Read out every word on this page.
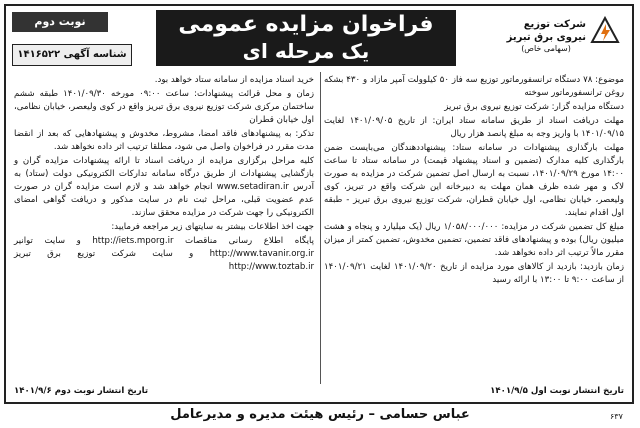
شرکت توزیع نیروی برق تبریز
(سهامی خاص)
فراخوان مزایده عمومی
یک مرحله ای
نوبت دوم
شناسه آگهی ۱۴۱۶۵۲۲

موضوع: ۷۸ دستگاه ترانسفورماتور توزیع سه فاز ۵۰ کیلوولت آمپر مازاد و ۴۳۰ بشکه روغن ترانسفورماتور سوخته

دستگاه مزایده گزار: شرکت توزیع نیروی برق تبریز

مهلت دریافت اسناد از طریق سامانه ستاد ایران: از تاریخ ۱۴۰۱/۰۹/۰۵ لغایت ۱۴۰۱/۰۹/۱۵ با واریز وجه به مبلغ پانصد هزار ریال

مهلت بارگذاری پیشنهادات در سامانه ستاد: پیشنهاددهندگان می‌بایست ضمن بارگذاری کلیه مدارک (تضمین و اسناد پیشنهاد قیمت) در سامانه ستاد تا ساعت ۱۴:۰۰ مورخ ۱۴۰۱/۰۹/۲۹، نسبت به ارسال اصل تضمین شرکت در مزایده به صورت لاک و مهر شده ظرف همان مهلت به دبیرخانه این شرکت واقع در تبریز، کوی ولیعصر، خیابان نظامی، اول خیابان قطران، شرکت توزیع نیروی برق تبریز - طبقه اول اقدام نمایند.

مبلغ کل تضمین شرکت در مزایده: ۱/۰۵۸/۰۰۰/۰۰۰ ریال (یک میلیارد و پنجاه و هشت میلیون ریال) بوده و پیشنهادهای فاقد تضمین، تضمین مخدوش، تضمین کمتر از میزان مقرر مالاً ترتیب اثر داده نخواهد شد.

زمان بازدید: بازدید از کالاهای مورد مزایده از تاریخ ۱۴۰۱/۰۹/۲۰ لغایت ۱۴۰۱/۰۹/۲۱ از ساعت ۹:۰۰ تا ۱۳:۰۰ با ارائه رسید

خرید اسناد مزایده از سامانه ستاد خواهد بود.

زمان و محل قرائت پیشنهادات: ساعت ۰۹:۰۰ مورخه ۱۴۰۱/۰۹/۳۰ طبقه ششم ساختمان مرکزی شرکت توزیع نیروی برق تبریز واقع در کوی ولیعصر، خیابان نظامی، اول خیابان قطران

تذکر: به پیشنهادهای فاقد امضا، مشروط، مخدوش و پیشنهادهایی که بعد از انقضا مدت مقرر در فراخوان واصل می شود، مطلقا ترتیب اثر داده نخواهد شد.

کلیه مراحل برگزاری مزایده از دریافت اسناد تا ارائه پیشنهادات مزایده گران و بازگشایی پیشنهادات از طریق درگاه سامانه تدارکات الکترونیکی دولت (ستاد) به آدرس www.setadiran.ir انجام خواهد شد و لازم است مزایده گران در صورت عدم عضویت قبلی، مراحل ثبت نام در سایت مذکور و دریافت گواهی امضای الکترونیکی را جهت شرکت در مزایده محقق سازند.

جهت اخذ اطلاعات بیشتر به سایتهای زیر مراجعه فرمایید:

پایگاه اطلاع رسانی مناقصات http://iets.mporg.ir و سایت توانیر http://www.tavanir.org.ir و سایت شرکت توزیع برق تبریز http://www.toztab.ir

تاریخ انتشار نوبت اول ۱۴۰۱/۹/۵
تاریخ انتشار نوبت دوم ۱۴۰۱/۹/۶
عباس حسامی – رئیس هیئت مدیره و مدیرعامل	۶۳۷
